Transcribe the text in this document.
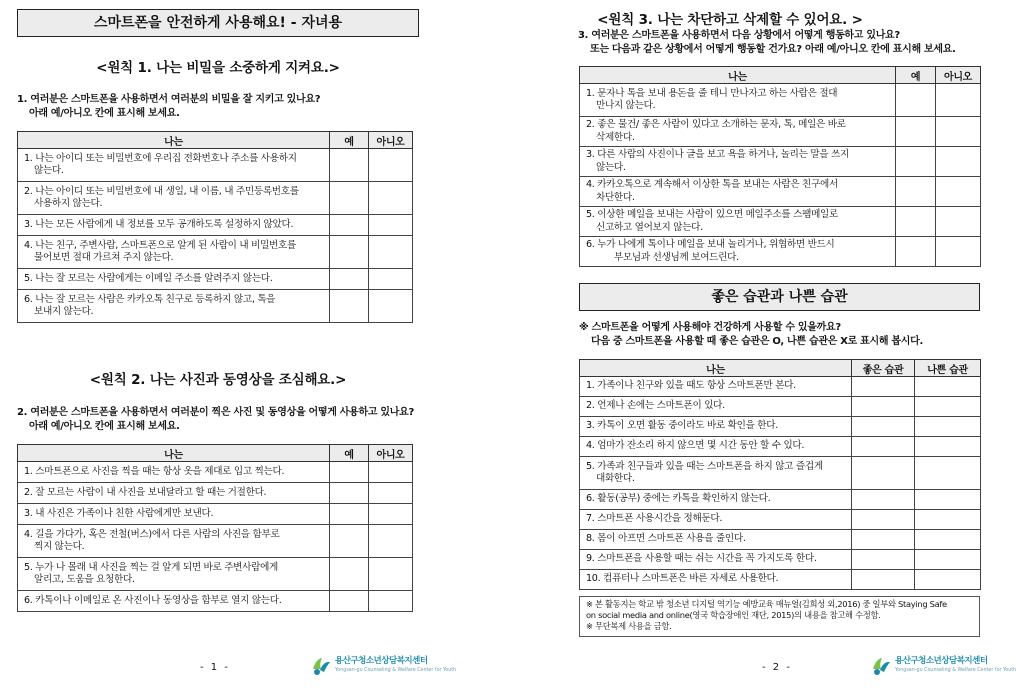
스마트폰을 안전하게 사용해요! - 자녀용
<원칙 1. 나는 비밀을 소중하게 지켜요.>
1. 여러분은 스마트폰을 사용하면서 여러분의 비밀을 잘 지키고 있나요?
아래 예/아니오 칸에 표시해 보세요.
나는	예	아니오

1. 나는 아이디 또는 비밀번호에 우리집 전화번호나 주소를 사용하지
않는다.		

2. 나는 아이디 또는 비밀번호에 내 생일, 내 이름, 내 주민등록번호를
사용하지 않는다.		

3. 나는 모든 사람에게 내 정보를 모두 공개하도록 설정하지 않았다.		

4. 나는 친구, 주변사람, 스마트폰으로 알게 된 사람이 내 비밀번호를
물어보면 절대 가르쳐 주지 않는다.		

5. 나는 잘 모르는 사람에게는 이메일 주소를 알려주지 않는다.		

6. 나는 잘 모르는 사람은 카카오톡 친구로 등록하지 않고, 톡을
보내지 않는다.		

<원칙 2. 나는 사진과 동영상을 조심해요.>
2. 여러분은 스마트폰을 사용하면서 여러분이 찍은 사진 및 동영상을 어떻게 사용하고 있나요?
아래 예/아니오 칸에 표시해 보세요.
나는	예	아니오

1. 스마트폰으로 사진을 찍을 때는 항상 옷을 제대로 입고 찍는다.		

2. 잘 모르는 사람이 내 사진을 보내달라고 할 때는 거절한다.		

3. 내 사진은 가족이나 친한 사람에게만 보낸다.		

4. 길을 가다가, 혹은 전철(버스)에서 다른 사람의 사진을 함부로
찍지 않는다.		

5. 누가 나 몰래 내 사진을 찍는 걸 알게 되면 바로 주변사람에게
알리고, 도움을 요청한다.		

6. 카톡이나 이메일로 온 사진이나 동영상을 함부로 열지 않는다.		

- 1 -
용산구청소년상담복지센터
Yongsan-gu Counseling & Welfare Center for Youth
<원칙 3. 나는 차단하고 삭제할 수 있어요. >
3. 여러분은 스마트폰을 사용하면서 다음 상황에서 어떻게 행동하고 있나요?
또는 다음과 같은 상황에서 어떻게 행동할 건가요? 아래 예/아니오 칸에 표시해 보세요.
나는	예	아니오

1. 문자나 톡을 보내 용돈을 줄 테니 만나자고 하는 사람은 절대
만나지 않는다.		

2. 좋은 물건/ 좋은 사람이 있다고 소개하는 문자, 톡, 메일은 바로
삭제한다.		

3. 다른 사람의 사진이나 글을 보고 욕을 하거나, 놀리는 말을 쓰지
않는다.		

4. 카카오톡으로 계속해서 이상한 톡을 보내는 사람은 친구에서
차단한다.		

5. 이상한 메일을 보내는 사람이 있으면 메일주소를 스팸메일로
신고하고 열어보지 않는다.		

6. 누가 나에게 톡이나 메일을 보내 놀리거나, 위협하면 반드시
부모님과 선생님께 보여드린다.		

좋은 습관과 나쁜 습관
※ 스마트폰을 어떻게 사용해야 건강하게 사용할 수 있을까요?
다음 중 스마트폰을 사용할 때 좋은 습관은 O, 나쁜 습관은 X로 표시해 봅시다.
나는	좋은 습관	나쁜 습관

1. 가족이나 친구와 있을 때도 항상 스마트폰만 본다.		

2. 언제나 손에는 스마트폰이 있다.		

3. 카톡이 오면 활동 중이라도 바로 확인을 한다.		

4. 엄마가 잔소리 하지 않으면 몇 시간 동안 할 수 있다.		

5. 가족과 친구들과 있을 때는 스마트폰을 하지 않고 즐겁게
대화한다.		

6. 활동(공부) 중에는 카톡을 확인하지 않는다.		

7. 스마트폰 사용시간을 정해둔다.		

8. 몸이 아프면 스마트폰 사용을 줄인다.		

9. 스마트폰을 사용할 때는 쉬는 시간을 꼭 가지도록 한다.		

10. 컴퓨터나 스마트폰은 바른 자세로 사용한다.		

※ 본 활동지는 학교 밖 청소년 디지털 역기능 예방교육 매뉴얼(김희성 외,2016) 중 일부와 Staying Safe
on social media and online(영국 학습장애인 재단, 2015)의 내용을 참고해 수정함.
※ 무단복제 사용을 금함.
- 2 -
용산구청소년상담복지센터
Yongsan-gu Counseling & Welfare Center for Youth
